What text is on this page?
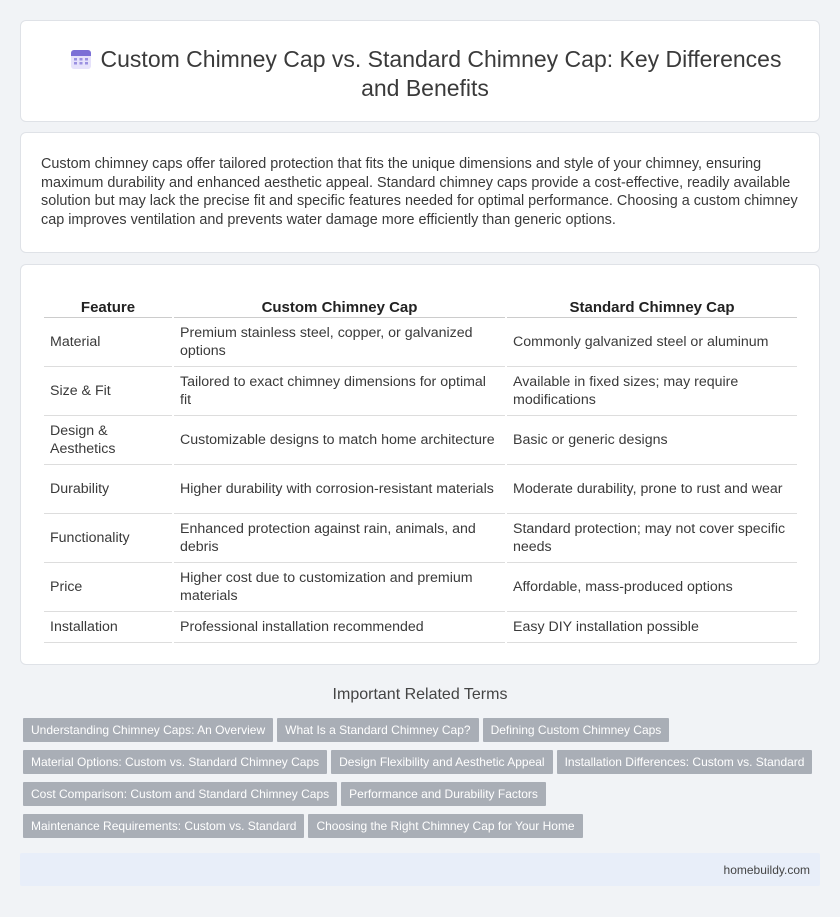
Custom Chimney Cap vs. Standard Chimney Cap: Key Differences and Benefits

Custom chimney caps offer tailored protection that fits the unique dimensions and style of your chimney, ensuring maximum durability and enhanced aesthetic appeal. Standard chimney caps provide a cost-effective, readily available solution but may lack the precise fit and specific features needed for optimal performance. Choosing a custom chimney cap improves ventilation and prevents water damage more efficiently than generic options.

Feature	Custom Chimney Cap	Standard Chimney Cap
Material	Premium stainless steel, copper, or galvanized options	Commonly galvanized steel or aluminum
Size & Fit	Tailored to exact chimney dimensions for optimal fit	Available in fixed sizes; may require modifications
Design & Aesthetics	Customizable designs to match home architecture	Basic or generic designs
Durability	Higher durability with corrosion-resistant materials	Moderate durability, prone to rust and wear
Functionality	Enhanced protection against rain, animals, and debris	Standard protection; may not cover specific needs
Price	Higher cost due to customization and premium materials	Affordable, mass-produced options
Installation	Professional installation recommended	Easy DIY installation possible
Important Related Terms
Understanding Chimney Caps: An Overview What Is a Standard Chimney Cap? Defining Custom Chimney Caps
Material Options: Custom vs. Standard Chimney Caps Design Flexibility and Aesthetic Appeal Installation Differences: Custom vs. Standard
Cost Comparison: Custom and Standard Chimney Caps Performance and Durability Factors
Maintenance Requirements: Custom vs. Standard Choosing the Right Chimney Cap for Your Home
homebuildy.com
